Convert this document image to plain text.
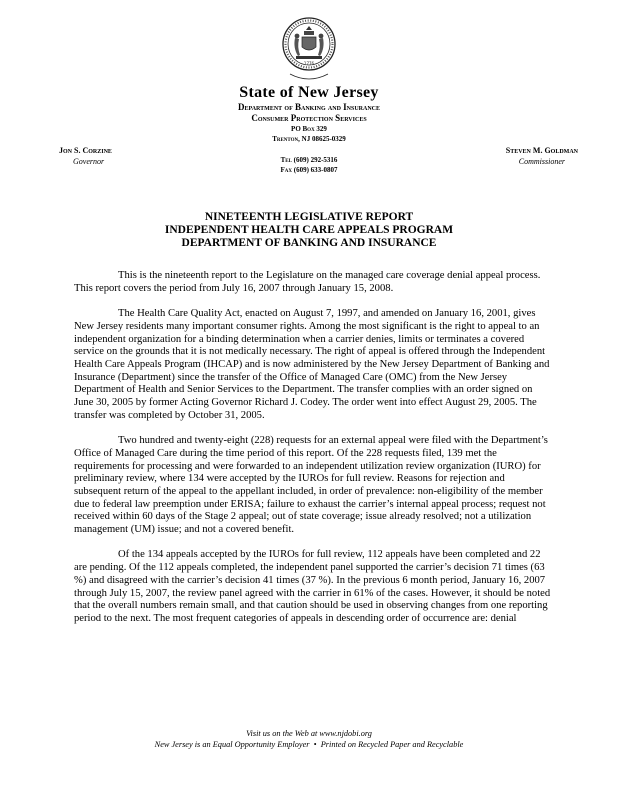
1776
State of New Jersey
Department of Banking and Insurance
Consumer Protection Services
PO Box 329
Trenton, NJ 08625-0329
Jon S. Corzine
Governor	Tel (609) 292-5316
Fax (609) 633-0807
Steven M. Goldman
Commissioner
NINETEENTH LEGISLATIVE REPORT
INDEPENDENT HEALTH CARE APPEALS PROGRAM
DEPARTMENT OF BANKING AND INSURANCE

This is the nineteenth report to the Legislature on the managed care coverage denial appeal process. This report covers the period from July 16, 2007 through January 15, 2008.

The Health Care Quality Act, enacted on August 7, 1997, and amended on January 16, 2001, gives New Jersey residents many important consumer rights. Among the most significant is the right to appeal to an independent organization for a binding determination when a carrier denies, limits or terminates a covered service on the grounds that it is not medically necessary. The right of appeal is offered through the Independent Health Care Appeals Program (IHCAP) and is now administered by the New Jersey Department of Banking and Insurance (Department) since the transfer of the Office of Managed Care (OMC) from the New Jersey Department of Health and Senior Services to the Department. The transfer complies with an order signed on June 30, 2005 by former Acting Governor Richard J. Codey. The order went into effect August 29, 2005. The transfer was completed by October 31, 2005.

Two hundred and twenty-eight (228) requests for an external appeal were filed with the Department’s Office of Managed Care during the time period of this report. Of the 228 requests filed, 139 met the requirements for processing and were forwarded to an independent utilization review organization (IURO) for preliminary review, where 134 were accepted by the IUROs for full review. Reasons for rejection and subsequent return of the appeal to the appellant included, in order of prevalence: non-eligibility of the member due to federal law preemption under ERISA; failure to exhaust the carrier’s internal appeal process; request not received within 60 days of the Stage 2 appeal; out of state coverage; issue already resolved; not a utilization management (UM) issue; and not a covered benefit.

Of the 134 appeals accepted by the IUROs for full review, 112 appeals have been completed and 22 are pending. Of the 112 appeals completed, the independent panel supported the carrier’s decision 71 times (63 %) and disagreed with the carrier’s decision 41 times (37 %). In the previous 6 month period, January 16, 2007 through July 15, 2007, the review panel agreed with the carrier in 61% of the cases. However, it should be noted that the overall numbers remain small, and that caution should be used in observing changes from one reporting period to the next. The most frequent categories of appeals in descending order of occurrence are: denial

Visit us on the Web at www.njdobi.org
New Jersey is an Equal Opportunity Employer • Printed on Recycled Paper and Recyclable
